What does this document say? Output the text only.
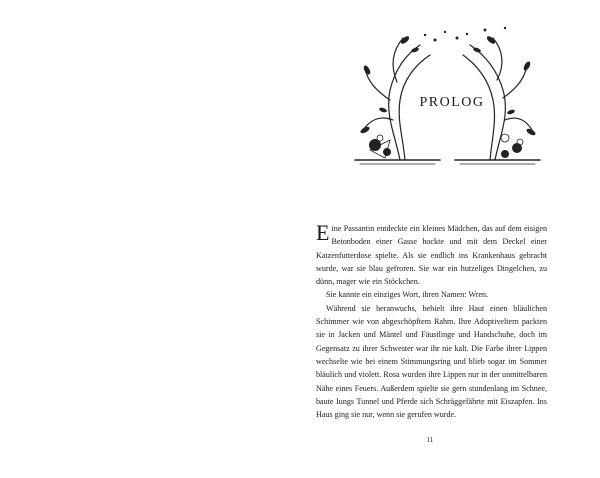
PROLOG

Eine Passantin entdeckte ein kleines Mädchen, das auf dem eisigen Betonboden einer Gasse hockte und mit dem Deckel einer Katzenfutterdose spielte. Als sie endlich ins Krankenhaus gebracht wurde, war sie blau gefroren. Sie war ein hutzeliges Dingelchen, zu dünn, mager wie ein Stöckchen.

Sie kannte ein einziges Wort, ihren Namen: Wren.

Während sie heranwuchs, behielt ihre Haut einen bläulichen Schimmer wie von abgeschöpftem Rahm. Ihre Adoptiveltern packten sie in Jacken und Mäntel und Fäustlinge und Handschuhe, doch im Gegensatz zu ihrer Schwester war ihr nie kalt. Die Farbe ihrer Lippen wechselte wie bei einem Stimmungsring und blieb sogar im Sommer bläulich und violett. Rosa wurden ihre Lippen nur in der unmittelbaren Nähe eines Feuers. Außerdem spielte sie gern stundenlang im Schnee, baute Iungs Tunnel und Pferde sich Schräggefährte mit Eiszapfen. Ins Haus ging sie nur, wenn sie gerufen wurde.

11
